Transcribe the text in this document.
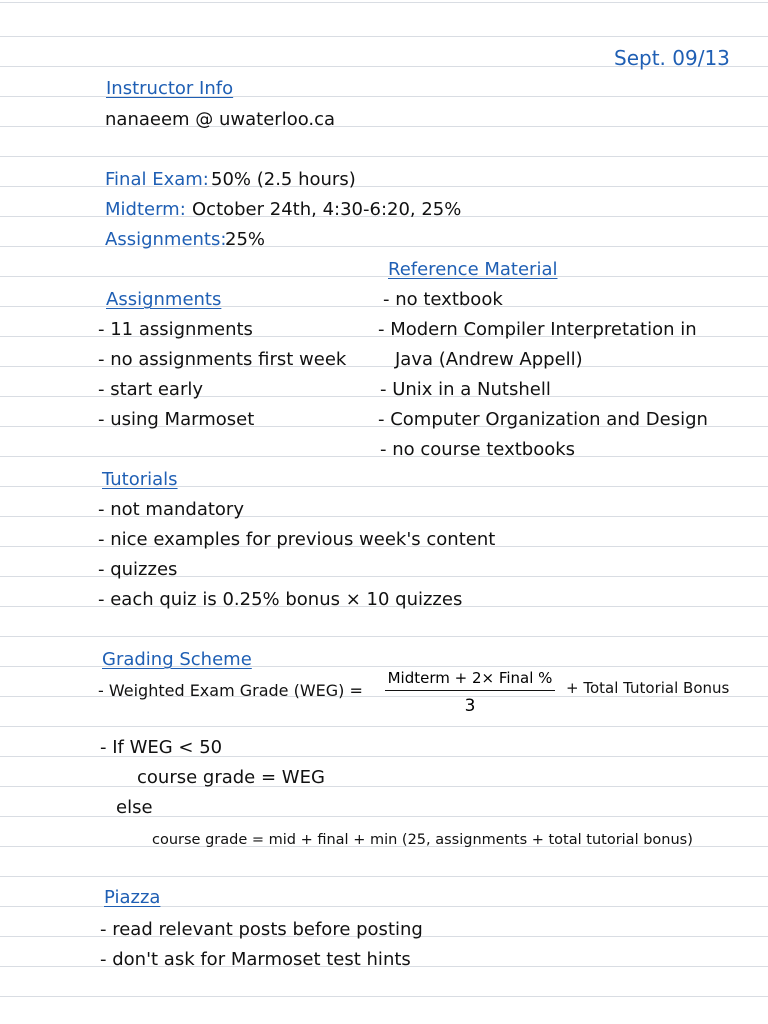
Sept. 09/13
Instructor Info
nanaeem @ uwaterloo.ca
Final Exam: 50% (2.5 hours)
Midterm: October 24th, 4:30-6:20, 25%
Assignments:
25%
Reference Material
- no textbook
- Modern Compiler Interpretation in
Java (Andrew Appell)
- Unix in a Nutshell
- Computer Organization and Design
- no course textbooks
Assignments
- 11 assignments
- no assignments first week
- start early
- using Marmoset
Tutorials
- not mandatory
- nice examples for previous week's content
- quizzes
- each quiz is 0.25% bonus × 10 quizzes
Grading Scheme
- Weighted Exam Grade (WEG) =
Midterm + 2× Final %
3
+ Total Tutorial Bonus
- If WEG < 50
course grade = WEG
else
course grade = mid + final + min (25, assignments + total tutorial bonus)
Piazza
- read relevant posts before posting
- don't ask for Marmoset test hints
